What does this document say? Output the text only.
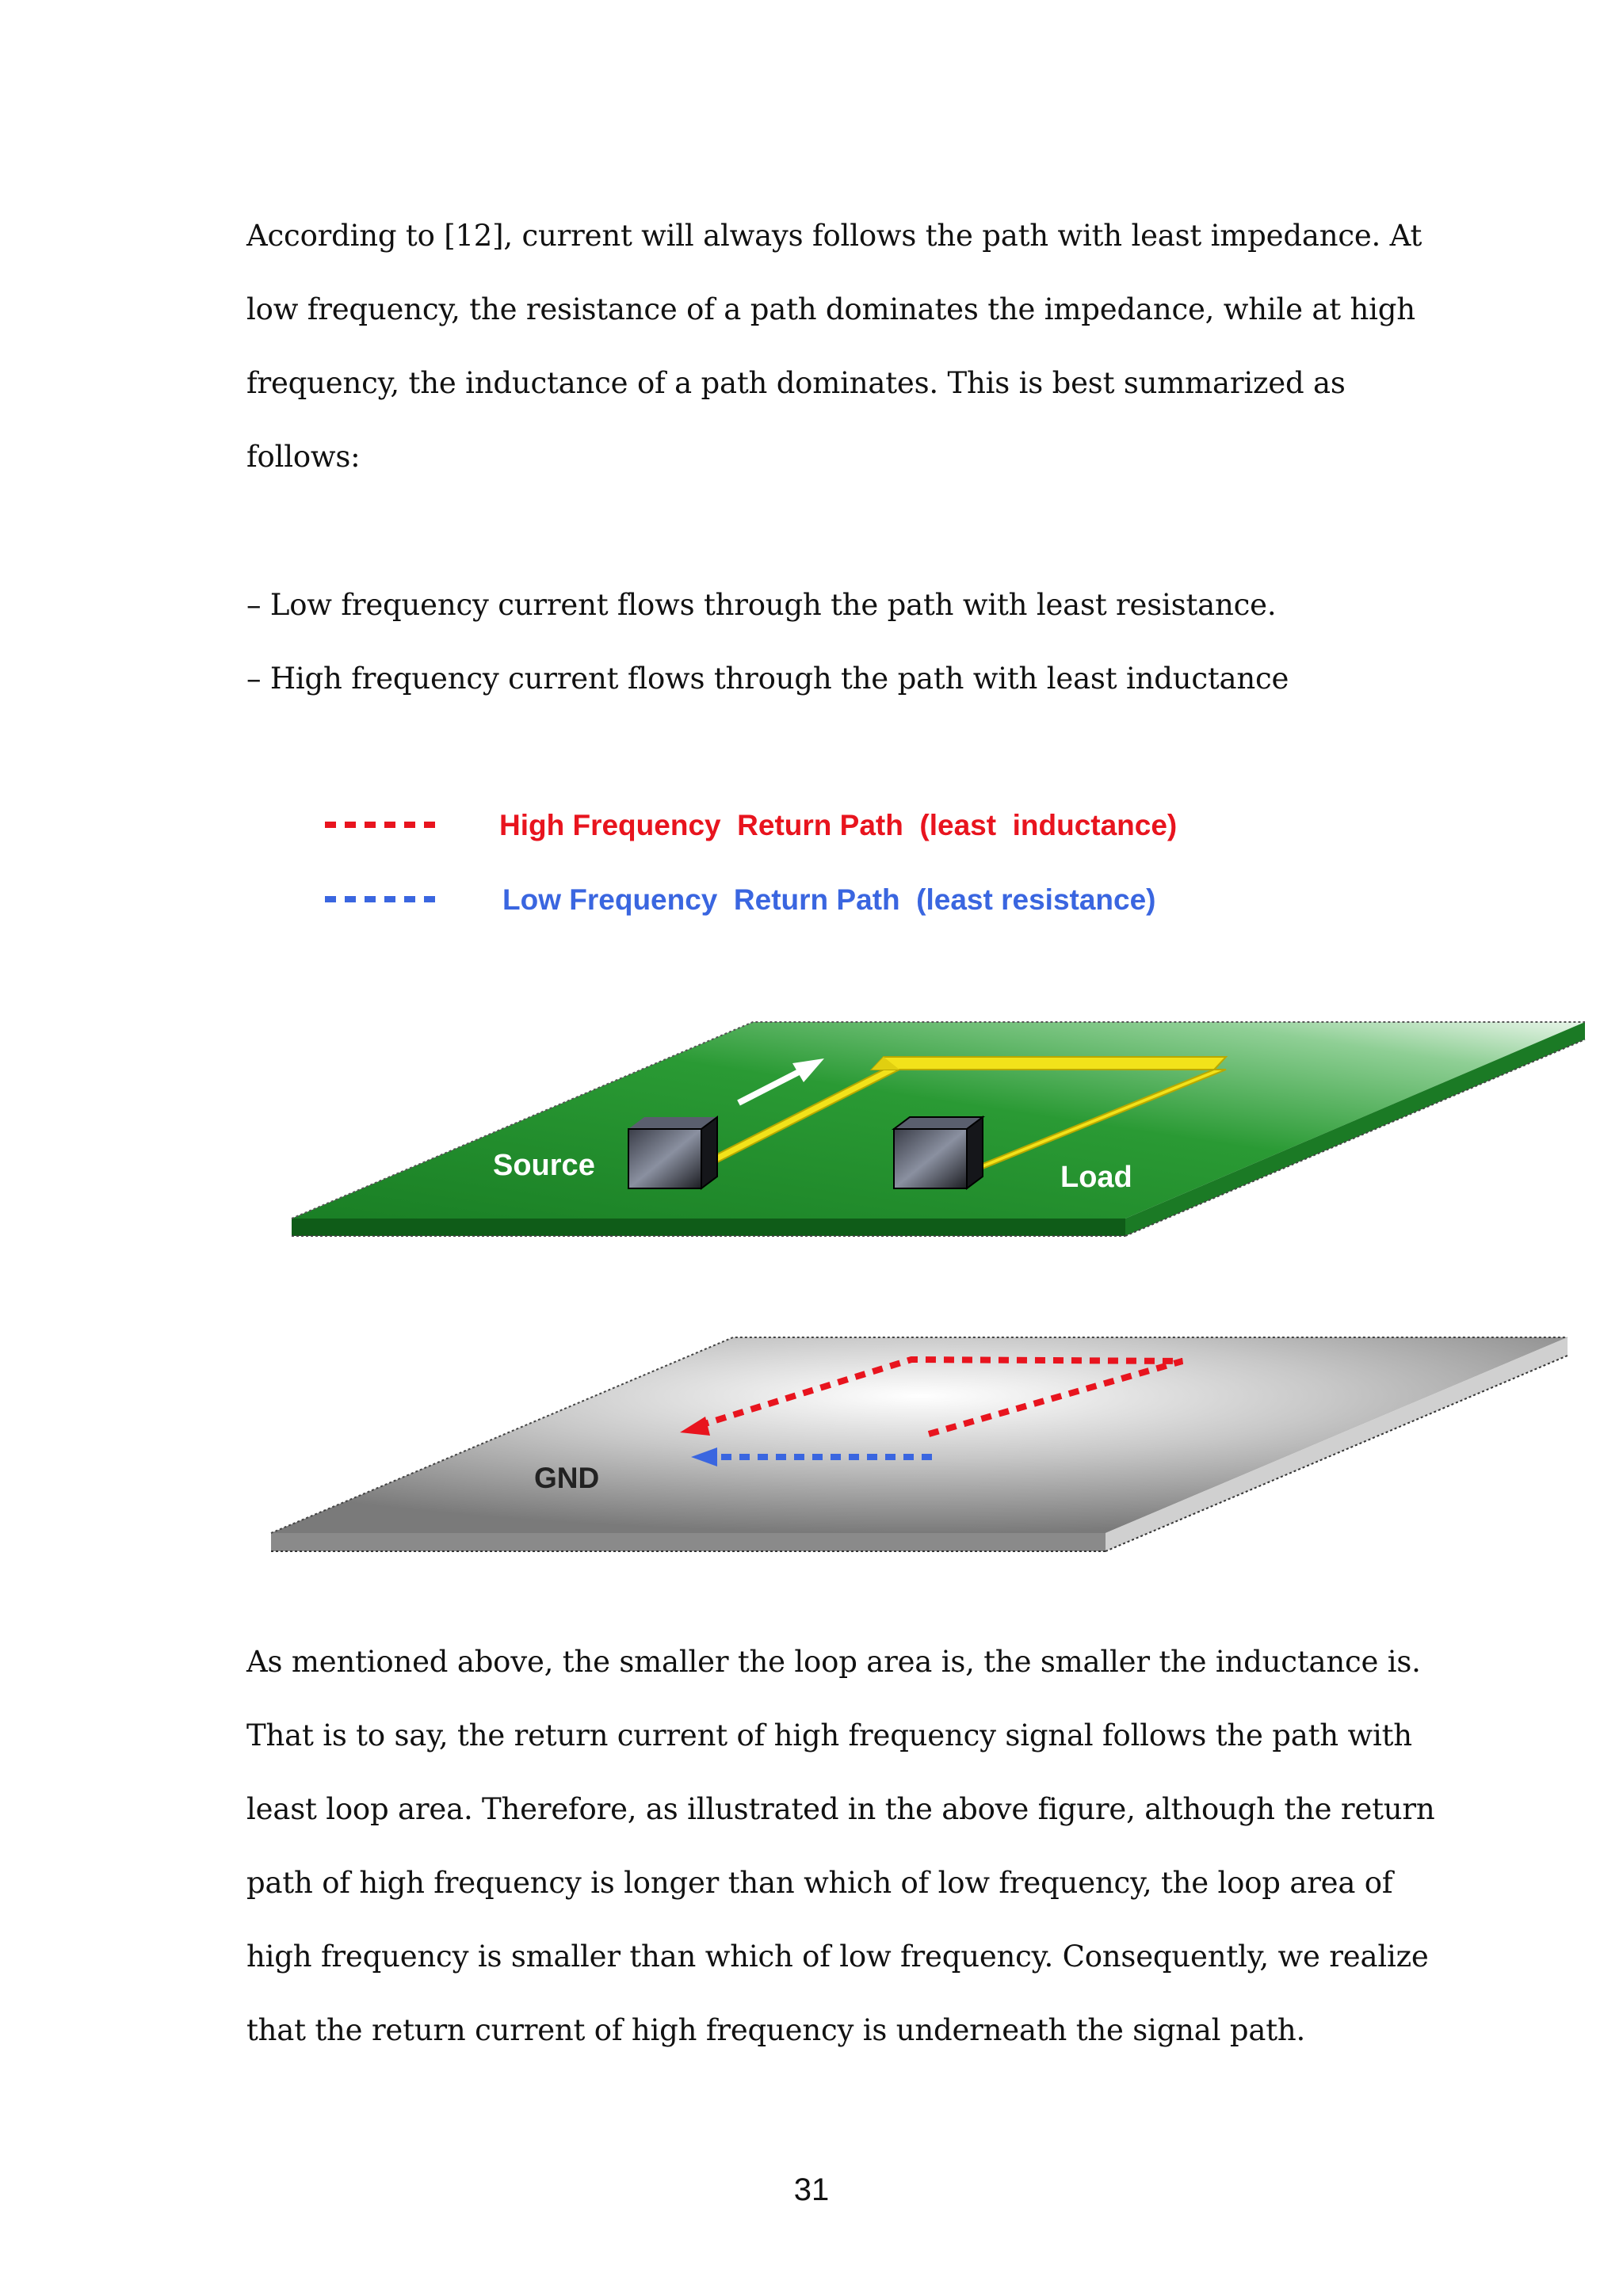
According to [12], current will always follows the path with least impedance. At
low frequency, the resistance of a path dominates the impedance, while at high
frequency, the inductance of a path dominates. This is best summarized as
follows:
– Low frequency current flows through the path with least resistance.
– High frequency current flows through the path with least inductance
High Frequency  Return Path  (least  inductance)
Low Frequency  Return Path  (least resistance)
Source	Load
GND
As mentioned above, the smaller the loop area is, the smaller the inductance is.
That is to say, the return current of high frequency signal follows the path with
least loop area. Therefore, as illustrated in the above figure, although the return
path of high frequency is longer than which of low frequency, the loop area of
high frequency is smaller than which of low frequency. Consequently, we realize
that the return current of high frequency is underneath the signal path.
31
